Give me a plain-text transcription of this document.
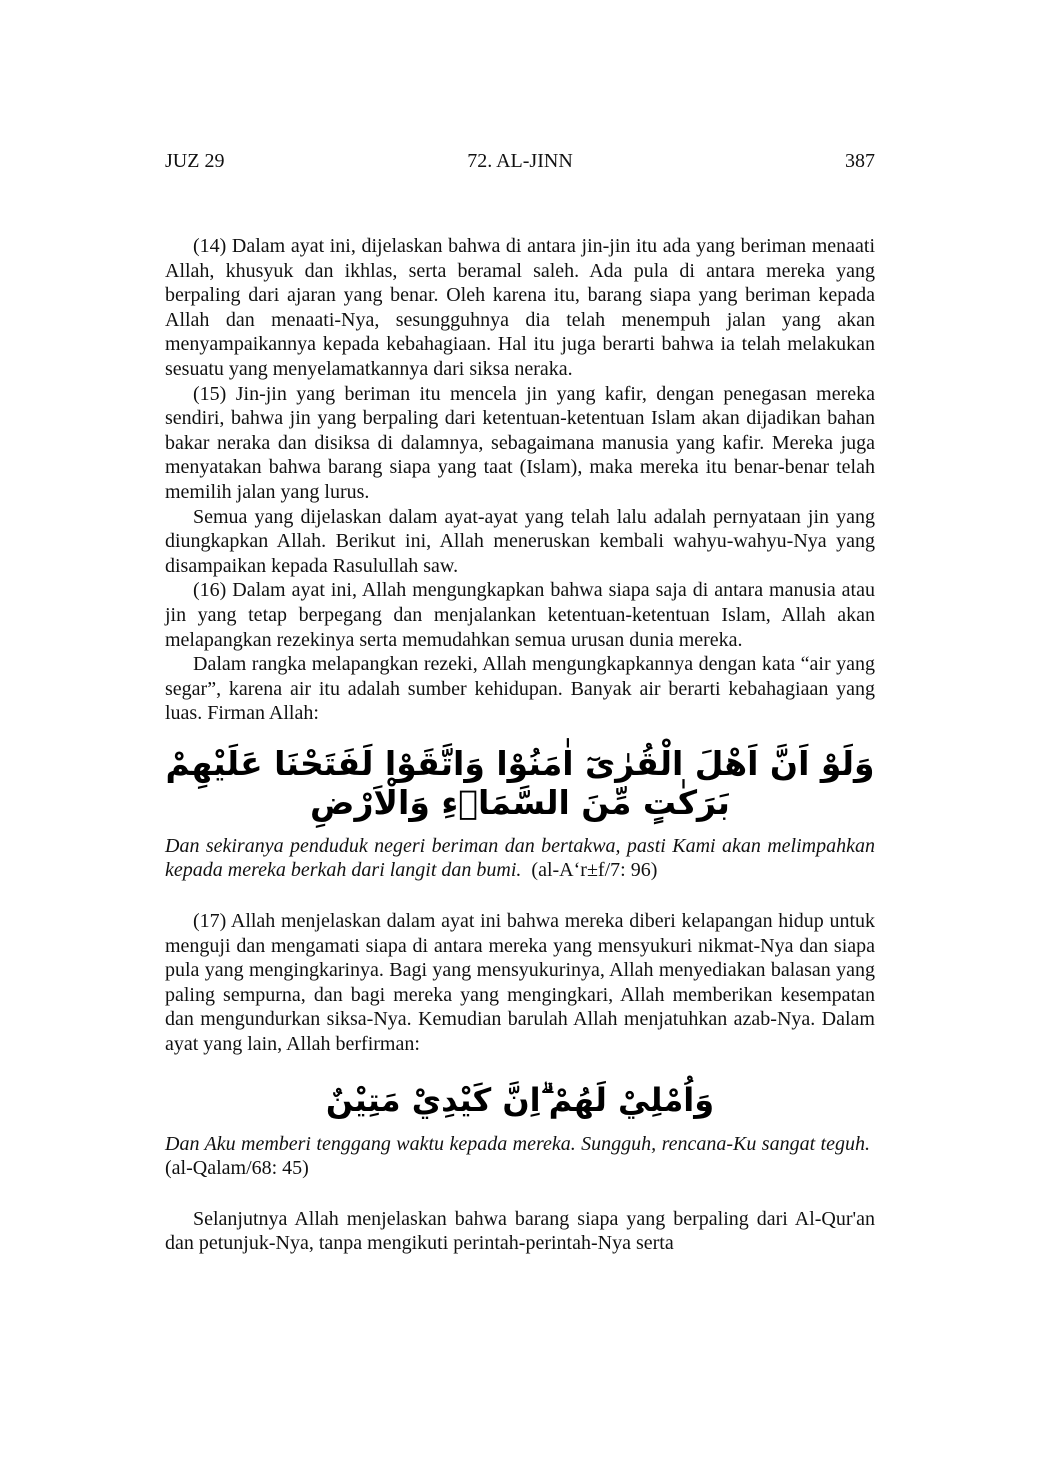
JUZ 29	72. AL-JINN	387

(14) Dalam ayat ini, dijelaskan bahwa di antara jin-jin itu ada yang beriman menaati Allah, khusyuk dan ikhlas, serta beramal saleh. Ada pula di antara mereka yang berpaling dari ajaran yang benar. Oleh karena itu, barang siapa yang beriman kepada Allah dan menaati-Nya, sesungguhnya dia telah menempuh jalan yang akan menyampaikannya kepada kebahagiaan. Hal itu juga berarti bahwa ia telah melakukan sesuatu yang menyelamatkannya dari siksa neraka.

(15) Jin-jin yang beriman itu mencela jin yang kafir, dengan penegasan mereka sendiri, bahwa jin yang berpaling dari ketentuan-ketentuan Islam akan dijadikan bahan bakar neraka dan disiksa di dalamnya, sebagaimana manusia yang kafir. Mereka juga menyatakan bahwa barang siapa yang taat (Islam), maka mereka itu benar-benar telah memilih jalan yang lurus.

Semua yang dijelaskan dalam ayat-ayat yang telah lalu adalah pernyataan jin yang diungkapkan Allah. Berikut ini, Allah meneruskan kembali wahyu-wahyu-Nya yang disampaikan kepada Rasulullah saw.

(16) Dalam ayat ini, Allah mengungkapkan bahwa siapa saja di antara manusia atau jin yang tetap berpegang dan menjalankan ketentuan-ketentuan Islam, Allah akan melapangkan rezekinya serta memudahkan semua urusan dunia mereka.

Dalam rangka melapangkan rezeki, Allah mengungkapkannya dengan kata “air yang segar”, karena air itu adalah sumber kehidupan. Banyak air berarti kebahagiaan yang luas. Firman Allah:

وَلَوْ اَنَّ اَهْلَ الْقُرٰىٓ اٰمَنُوْا وَاتَّقَوْا لَفَتَحْنَا عَلَيْهِمْ بَرَكٰتٍ مِّنَ السَّمَاۤءِ وَالْاَرْضِ

Dan sekiranya penduduk negeri beriman dan bertakwa, pasti Kami akan melimpahkan kepada mereka berkah dari langit dan bumi. (al-A‘r±f/7: 96)

(17) Allah menjelaskan dalam ayat ini bahwa mereka diberi kelapangan hidup untuk menguji dan mengamati siapa di antara mereka yang mensyukuri nikmat-Nya dan siapa pula yang mengingkarinya. Bagi yang mensyukurinya, Allah menyediakan balasan yang paling sempurna, dan bagi mereka yang mengingkari, Allah memberikan kesempatan dan mengundurkan siksa-Nya. Kemudian barulah Allah menjatuhkan azab-Nya. Dalam ayat yang lain, Allah berfirman:

وَاُمْلِيْ لَهُمْ ۗاِنَّ كَيْدِيْ مَتِيْنٌ

Dan Aku memberi tenggang waktu kepada mereka. Sungguh, rencana-Ku sangat teguh.  (al-Qalam/68: 45)

Selanjutnya Allah menjelaskan bahwa barang siapa yang berpaling dari Al-Qur'an dan petunjuk-Nya, tanpa mengikuti perintah-perintah-Nya serta
